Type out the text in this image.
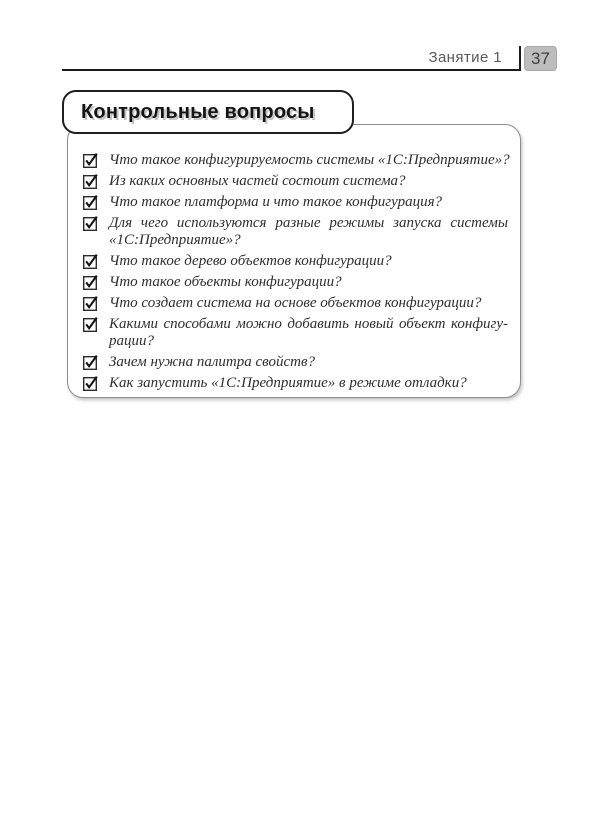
Занятие 1 37
Контрольные вопросы
Что такое конфигурируемость системы «1С:Предприятие»?
Из каких основных частей состоит система?
Что такое платформа и что такое конфигурация?
Для чего используются разные режимы запуска системы
«1С:Предприятие»?
Что такое дерево объектов конфигурации?
Что такое объекты конфигурации?
Что создает система на основе объектов конфигурации?
Какими способами можно добавить новый объект конфигу-
рации?
Зачем нужна палитра свойств?
Как запустить «1С:Предприятие» в режиме отладки?
